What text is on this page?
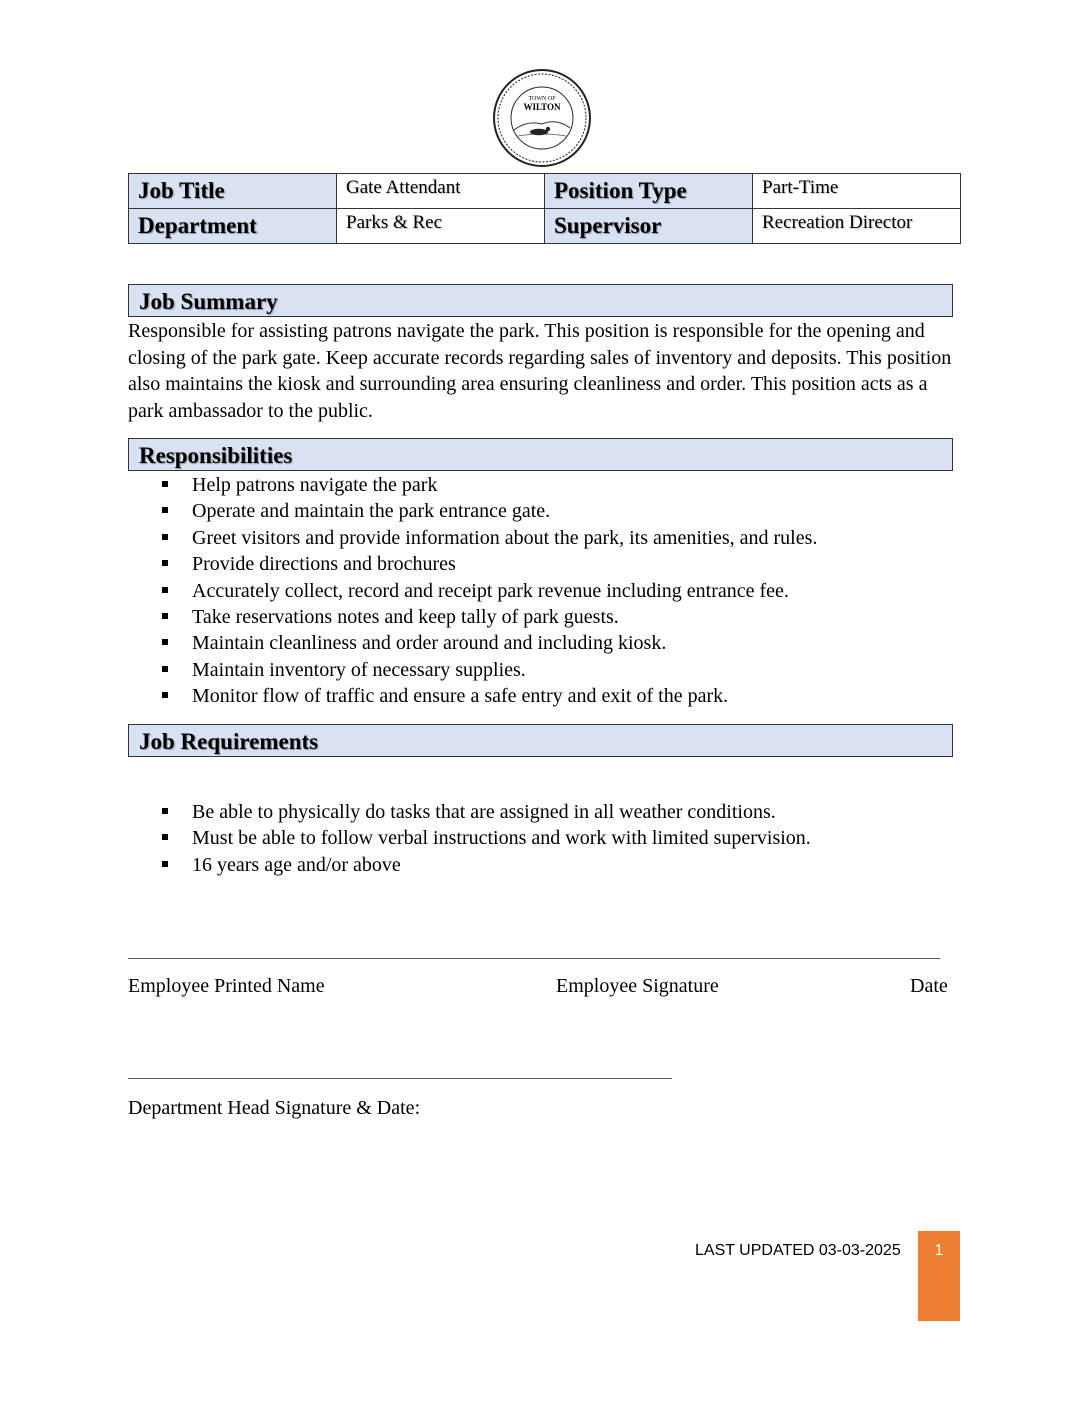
TOWN OF
WILTON
Job Title	Gate Attendant	Position Type	Part-Time
Department	Parks & Rec	Supervisor	Recreation Director
Job Summary
Responsible for assisting patrons navigate the park. This position is responsible for the opening and closing of the park gate. Keep accurate records regarding sales of inventory and deposits. This position also maintains the kiosk and surrounding area ensuring cleanliness and order. This position acts as a park ambassador to the public.
Responsibilities
Help patrons navigate the park
Operate and maintain the park entrance gate.
Greet visitors and provide information about the park, its amenities, and rules.
Provide directions and brochures
Accurately collect, record and receipt park revenue including entrance fee.
Take reservations notes and keep tally of park guests.
Maintain cleanliness and order around and including kiosk.
Maintain inventory of necessary supplies.
Monitor flow of traffic and ensure a safe entry and exit of the park.
Job Requirements
Be able to physically do tasks that are assigned in all weather conditions.
Must be able to follow verbal instructions and work with limited supervision.
16 years age and/or above
Employee Printed Name	Employee Signature	Date
Department Head Signature & Date:
LAST UPDATED 03-03-2025	1
